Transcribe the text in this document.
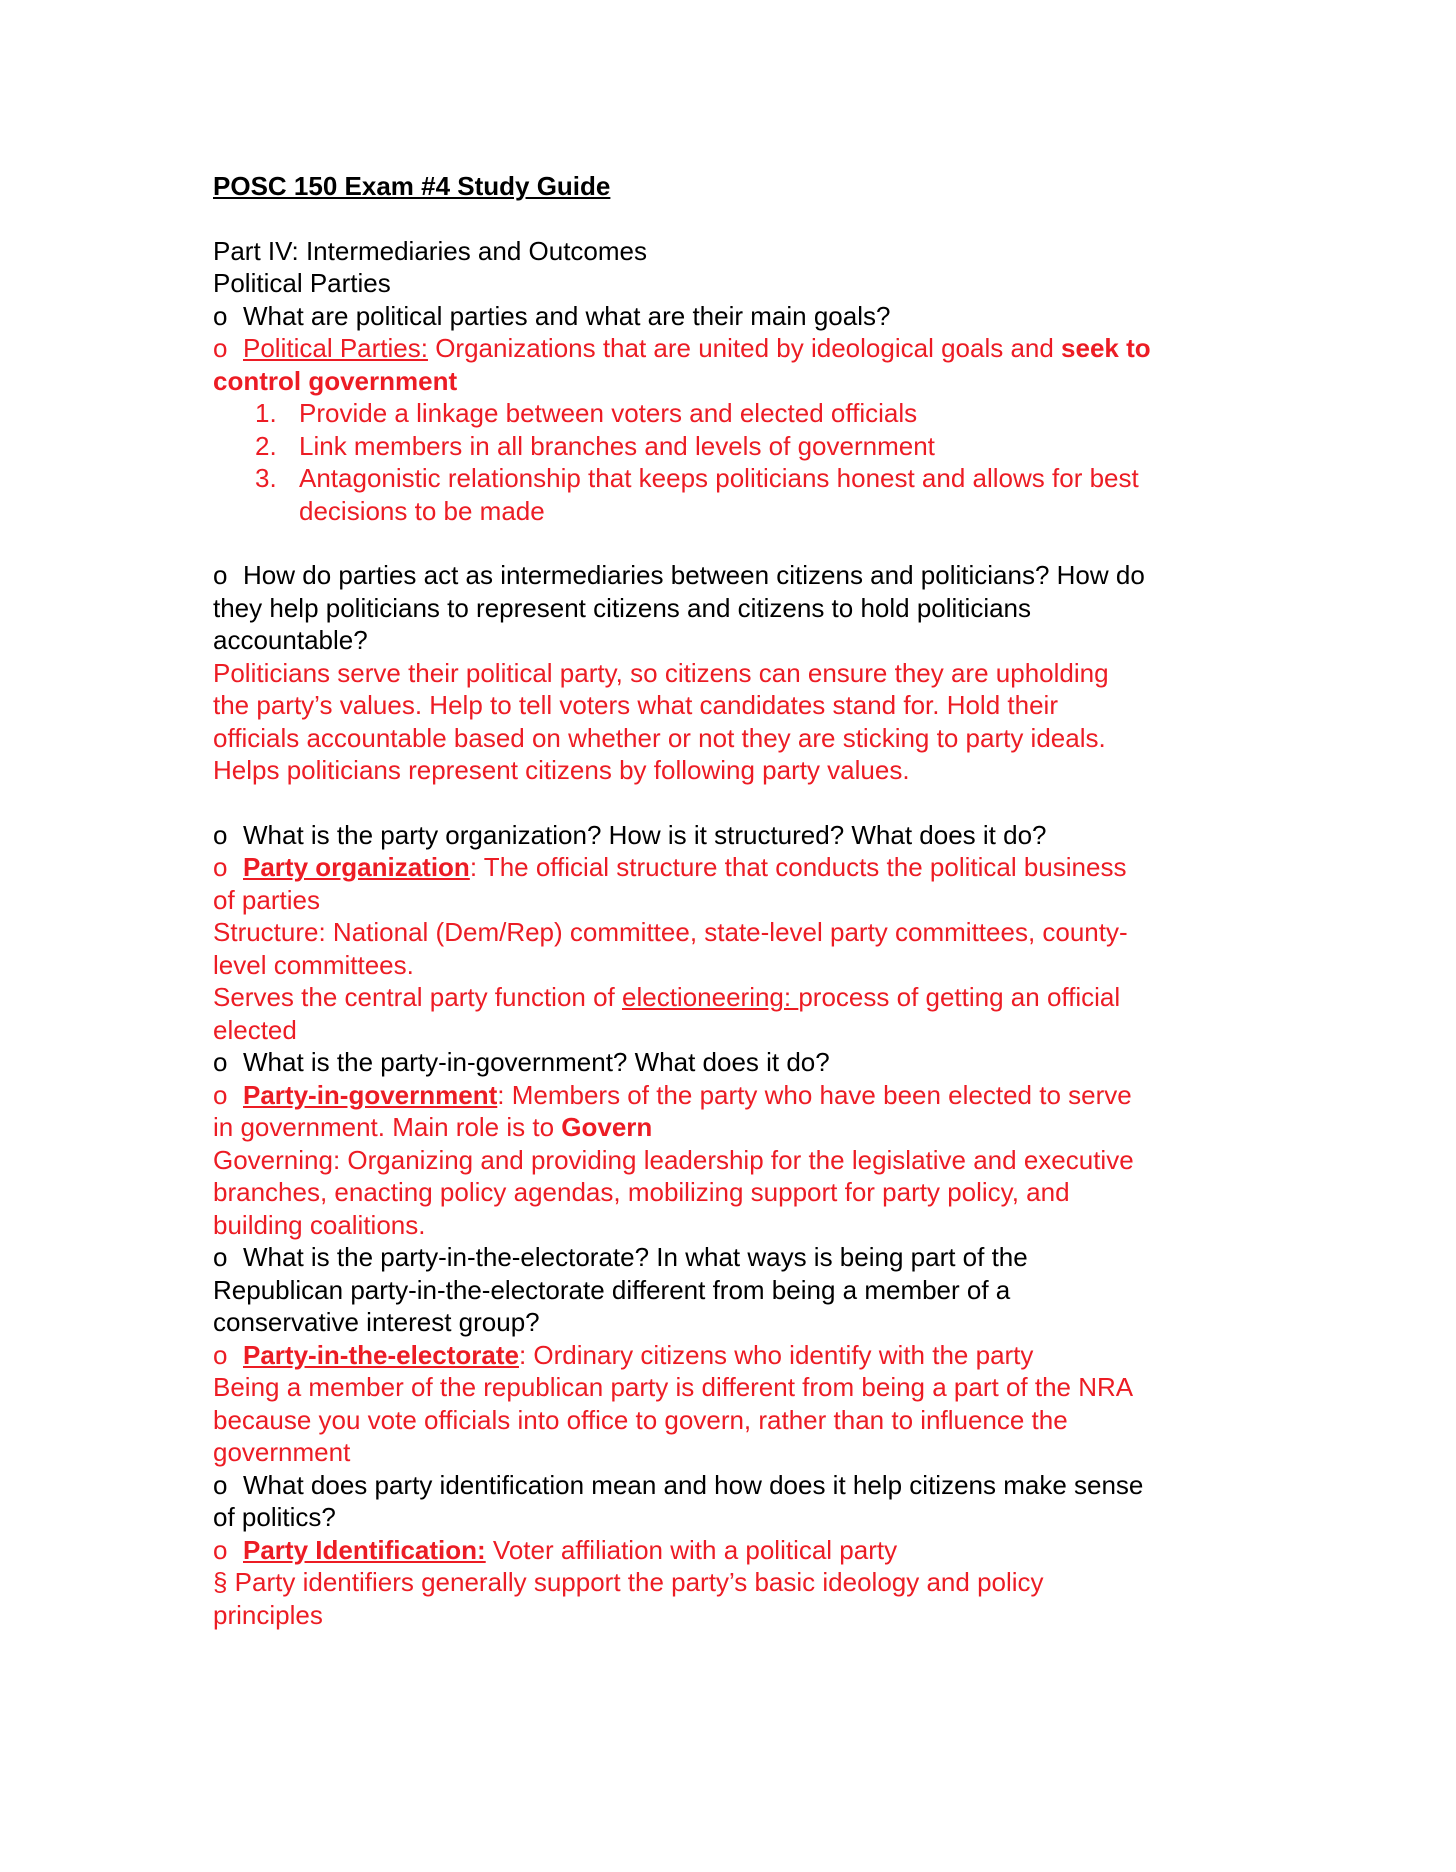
POSC 150 Exam #4 Study Guide
Part IV: Intermediaries and Outcomes
Political Parties
o What are political parties and what are their main goals?
o Political Parties: Organizations that are united by ideological goals and seek to
control government
1. Provide a linkage between voters and elected officials
2. Link members in all branches and levels of government
3. Antagonistic relationship that keeps politicians honest and allows for best
decisions to be made
o How do parties act as intermediaries between citizens and politicians? How do
they help politicians to represent citizens and citizens to hold politicians
accountable?
Politicians serve their political party, so citizens can ensure they are upholding
the party’s values. Help to tell voters what candidates stand for. Hold their
officials accountable based on whether or not they are sticking to party ideals.
Helps politicians represent citizens by following party values.
o What is the party organization? How is it structured? What does it do?
o Party organization: The official structure that conducts the political business
of parties
Structure: National (Dem/Rep) committee, state-level party committees, county-
level committees.
Serves the central party function of electioneering: process of getting an official
elected
o What is the party-in-government? What does it do?
o Party-in-government: Members of the party who have been elected to serve
in government. Main role is to Govern
Governing: Organizing and providing leadership for the legislative and executive
branches, enacting policy agendas, mobilizing support for party policy, and
building coalitions.
o What is the party-in-the-electorate? In what ways is being part of the
Republican party-in-the-electorate different from being a member of a
conservative interest group?
o Party-in-the-electorate: Ordinary citizens who identify with the party
Being a member of the republican party is different from being a part of the NRA
because you vote officials into office to govern, rather than to influence the
government
o What does party identification mean and how does it help citizens make sense
of politics?
o Party Identification: Voter affiliation with a political party
§ Party identifiers generally support the party’s basic ideology and policy
principles
